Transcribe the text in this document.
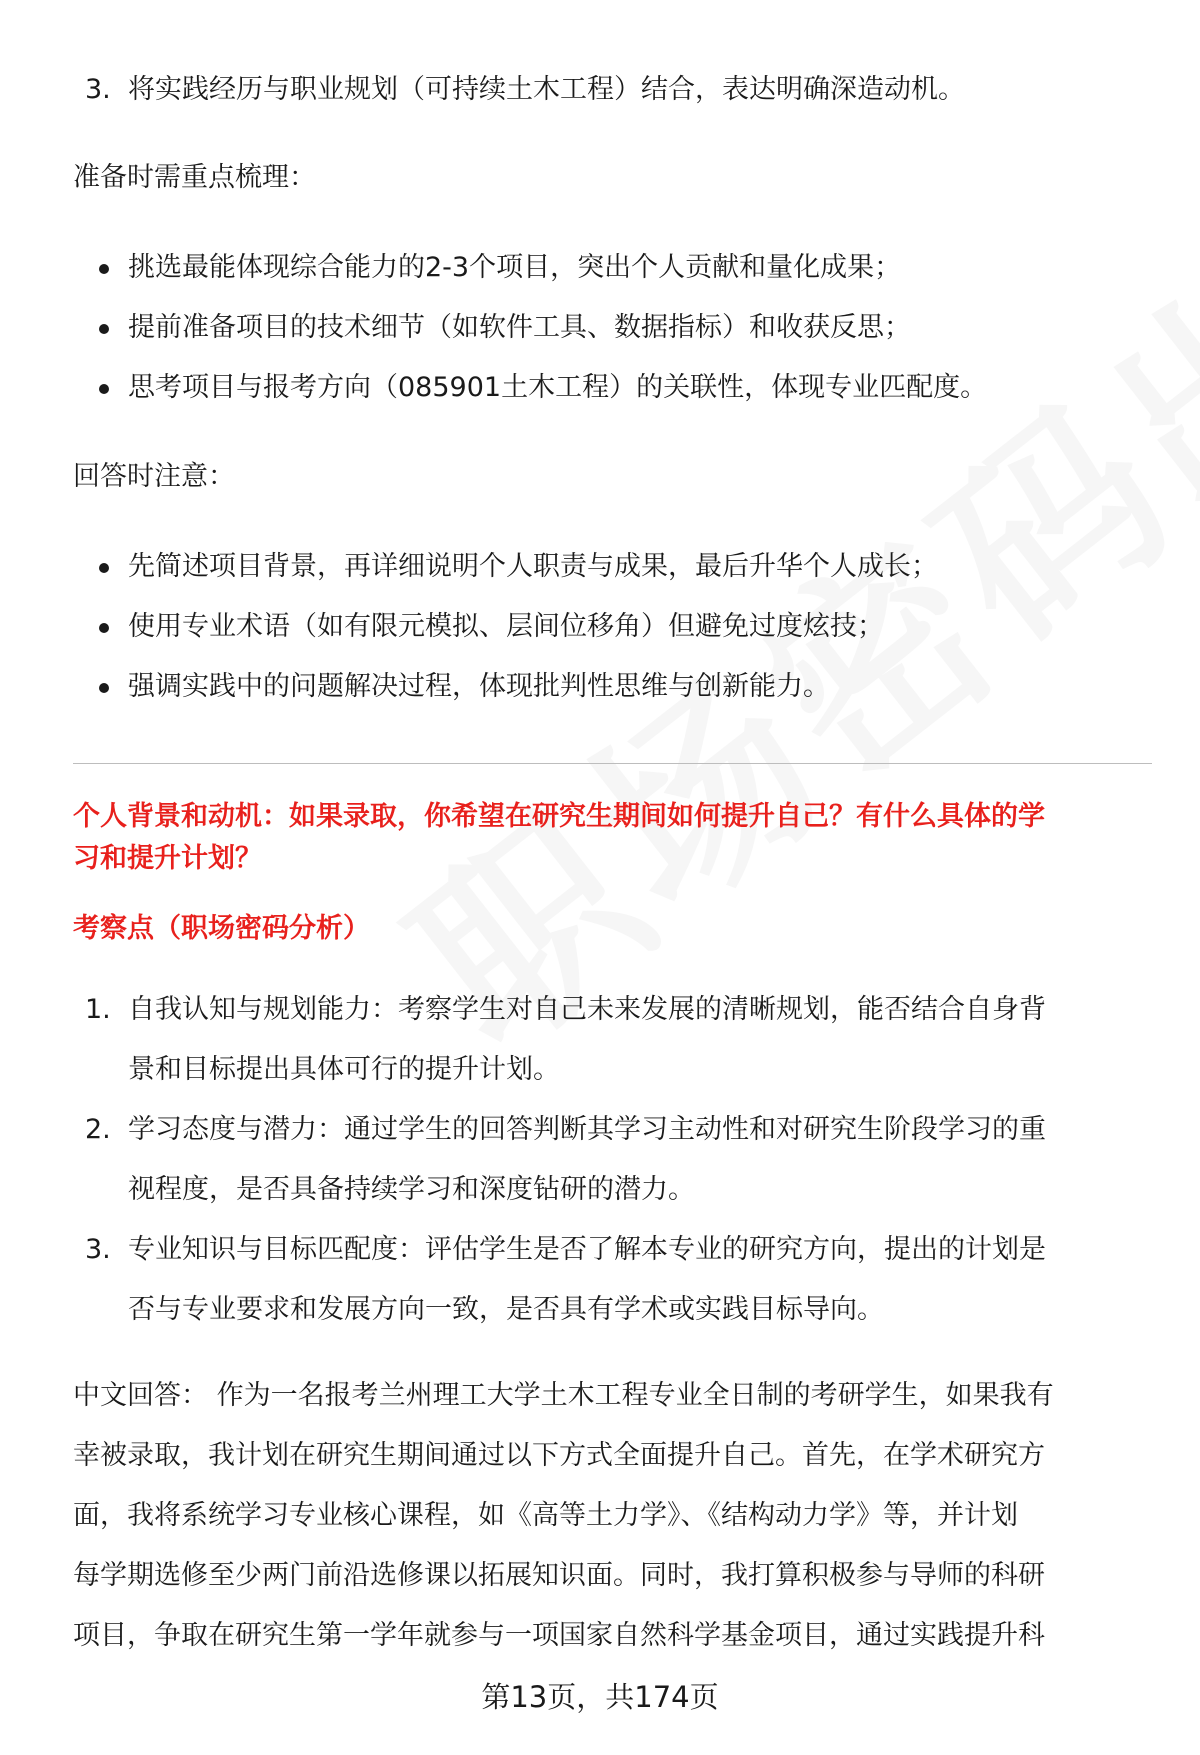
3. 将实践经历与职业规划（可持续土木工程）结合，表达明确深造动机。
准备时需重点梳理：
挑选最能体现综合能力的2-3个项目，突出个人贡献和量化成果；
提前准备项目的技术细节（如软件工具、数据指标）和收获反思；
思考项目与报考方向（085901土木工程）的关联性，体现专业匹配度。
回答时注意：
先简述项目背景，再详细说明个人职责与成果，最后升华个人成长；
使用专业术语（如有限元模拟、层间位移角）但避免过度炫技；
强调实践中的问题解决过程，体现批判性思维与创新能力。
个人背景和动机：如果录取，你希望在研究生期间如何提升自己？有什么具体的学
习和提升计划？
考察点（职场密码分析）
1. 自我认知与规划能力：考察学生对自己未来发展的清晰规划，能否结合自身背
景和目标提出具体可行的提升计划。
2. 学习态度与潜力：通过学生的回答判断其学习主动性和对研究生阶段学习的重
视程度，是否具备持续学习和深度钻研的潜力。
3. 专业知识与目标匹配度：评估学生是否了解本专业的研究方向，提出的计划是
否与专业要求和发展方向一致，是否具有学术或实践目标导向。
中文回答： 作为一名报考兰州理工大学土木工程专业全日制的考研学生，如果我有
幸被录取，我计划在研究生期间通过以下方式全面提升自己。首先，在学术研究方
面，我将系统学习专业核心课程，如《高等土力学》、《结构动力学》等，并计划
每学期选修至少两门前沿选修课以拓展知识面。同时，我打算积极参与导师的科研
项目，争取在研究生第一学年就参与一项国家自然科学基金项目，通过实践提升科
第13页，共174页
